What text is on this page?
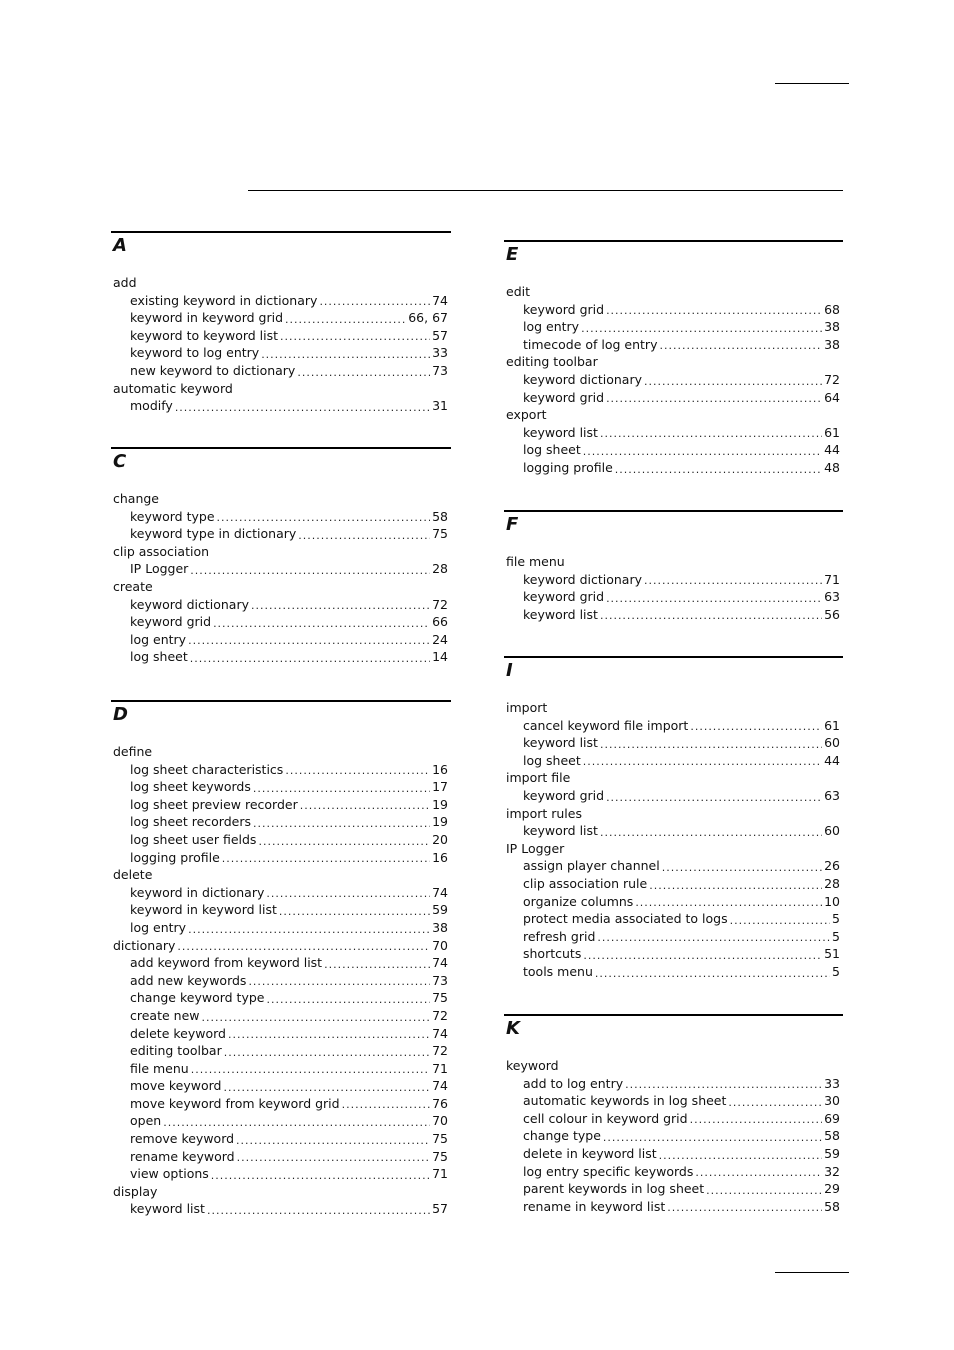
A
add
existing keyword in dictionary .....	74
keyword in keyword grid .....	66, 67
keyword to keyword list .....	57
keyword to log entry .....	33
new keyword to dictionary .....	73
automatic keyword
modify .....	31
C
change
keyword type .....	58
keyword type in dictionary .....	75
clip association
IP Logger .....	28
create
keyword dictionary .....	72
keyword grid .....	66
log entry .....	24
log sheet .....	14
D
define
log sheet characteristics .....	16
log sheet keywords .....	17
log sheet preview recorder .....	19
log sheet recorders .....	19
log sheet user fields .....	20
logging profile .....	16
delete
keyword in dictionary .....	74
keyword in keyword list .....	59
log entry .....	38
dictionary .....	70
add keyword from keyword list .....	74
add new keywords .....	73
change keyword type .....	75
create new .....	72
delete keyword .....	74
editing toolbar .....	72
file menu .....	71
move keyword .....	74
move keyword from keyword grid .....	76
open .....	70
remove keyword .....	75
rename keyword .....	75
view options .....	71
display
keyword list .....	57
E
edit
keyword grid .....	68
log entry .....	38
timecode of log entry .....	38
editing toolbar
keyword dictionary .....	72
keyword grid .....	64
export
keyword list .....	61
log sheet .....	44
logging profile .....	48
F
file menu
keyword dictionary .....	71
keyword grid .....	63
keyword list .....	56
I
import
cancel keyword file import .....	61
keyword list .....	60
log sheet .....	44
import file
keyword grid .....	63
import rules
keyword list .....	60
IP Logger
assign player channel .....	26
clip association rule .....	28
organize columns .....	10
protect media associated to logs .....	5
refresh grid .....	5
shortcuts .....	51
tools menu .....	5
K
keyword
add to log entry .....	33
automatic keywords in log sheet .....	30
cell colour in keyword grid .....	69
change type .....	58
delete in keyword list .....	59
log entry specific keywords .....	32
parent keywords in log sheet .....	29
rename in keyword list .....	58
